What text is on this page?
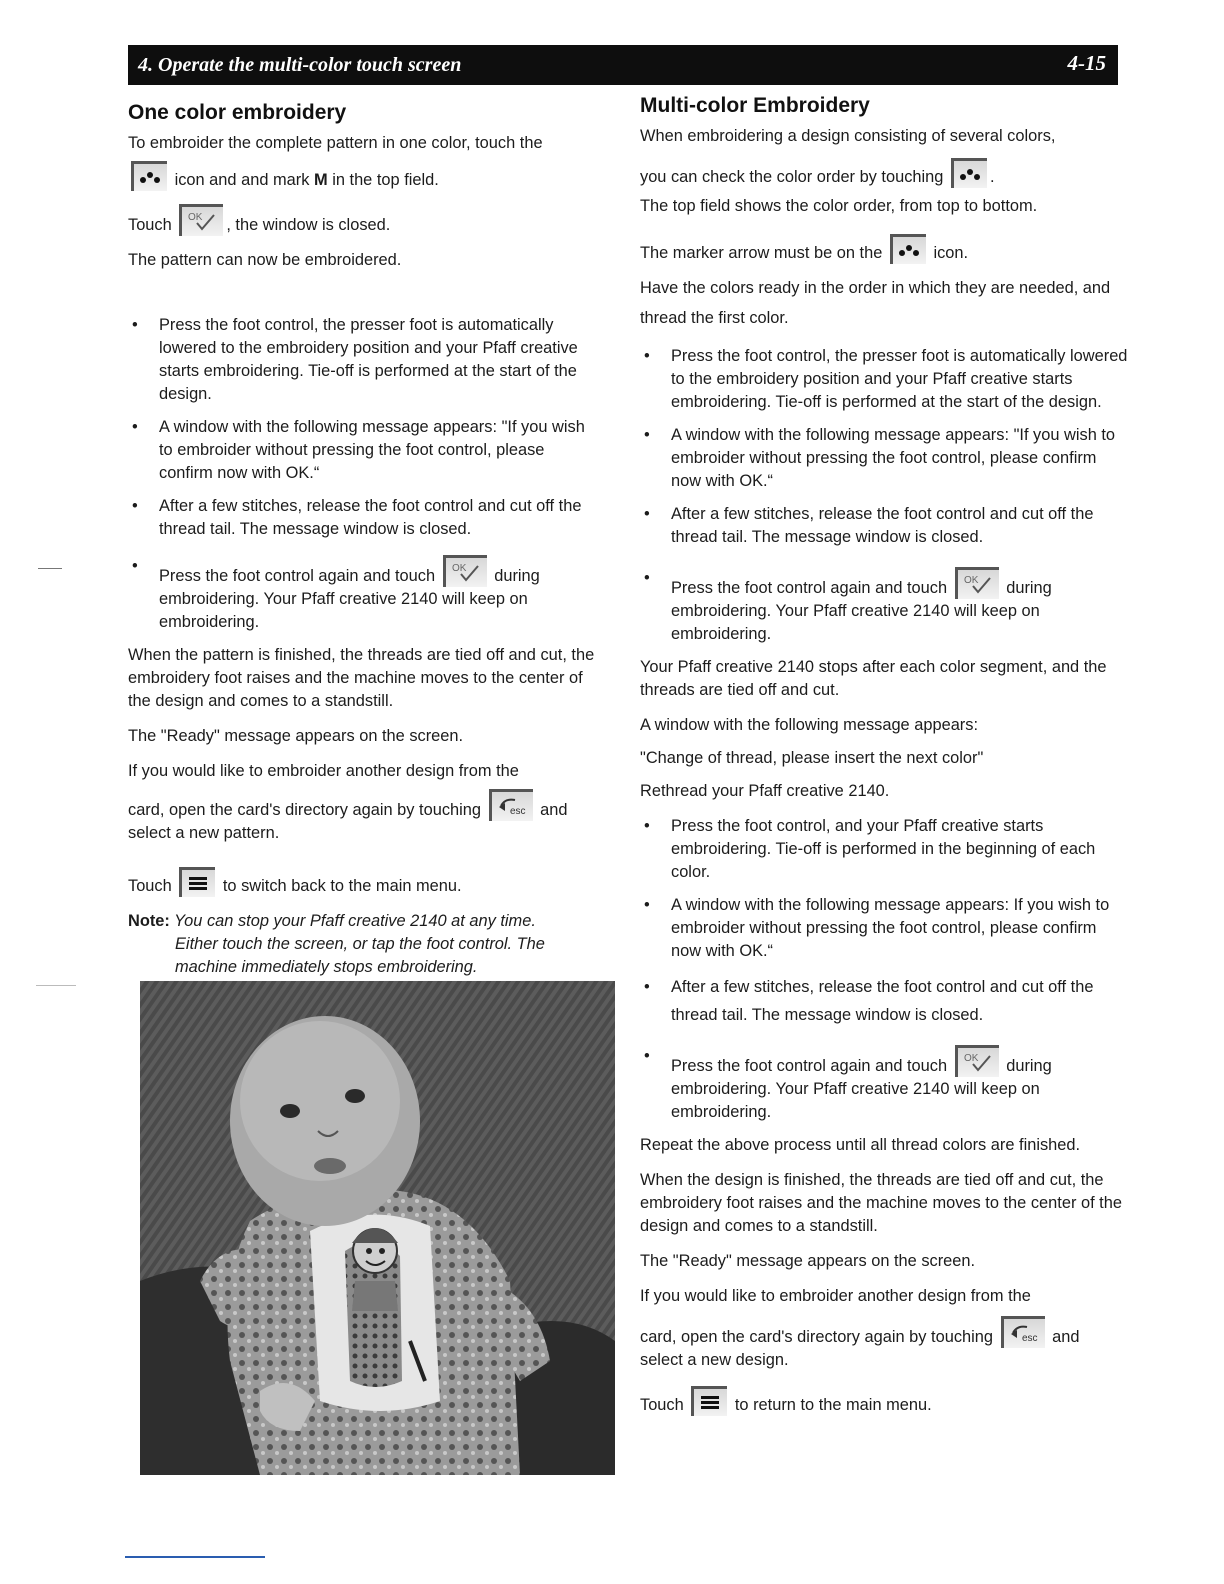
4. Operate the multi-color touch screen	4-15
One color embroidery

To embroider the complete pattern in one color, touch the

icon and and mark M in the top field.

Touch OK , the window is closed.

The pattern can now be embroidered.

• Press the foot control, the presser foot is automatically lowered to the embroidery position and your Pfaff creative starts embroidering. Tie-off is performed at the start of the design.
• A window with the following message appears: "If you wish to embroider without pressing the foot control, please confirm now with OK.“
• After a few stitches, release the foot control and cut off the thread tail. The message window is closed.
•
Press the foot control again and touch OK during embroidering. Your Pfaff creative 2140 will keep on embroidering.

When the pattern is finished, the threads are tied off and cut, the embroidery foot raises and the machine moves to the center of the design and comes to a standstill.

The "Ready" message appears on the screen.

If you would like to embroider another design from the

card, open the card's directory again by touching	esc and

select a new pattern.

Touch	to switch back to the main menu.

Note: You can stop your Pfaff creative 2140 at any time.
Either touch the screen, or tap the foot control. The
machine immediately stops embroidering.

Multi-color Embroidery

When embroidering a design consisting of several colors,

you can check the color order by touching	.

The top field shows the color order, from top to bottom.

The marker arrow must be on the	icon.

Have the colors ready in the order in which they are needed, and thread the first color.

• Press the foot control, the presser foot is automatically lowered to the embroidery position and your Pfaff creative starts embroidering. Tie-off is performed at the start of the design.
• A window with the following message appears: "If you wish to embroider without pressing the foot control, please confirm now with OK.“
• After a few stitches, release the foot control and cut off the thread tail. The message window is closed.
•
Press the foot control again and touch OK during embroidering. Your Pfaff creative 2140 will keep on embroidering.

Your Pfaff creative 2140 stops after each color segment, and the threads are tied off and cut.

A window with the following message appears:

"Change of thread, please insert the next color"

Rethread your Pfaff creative 2140.

• Press the foot control, and your Pfaff creative starts embroidering. Tie-off is performed in the beginning of each color.
• A window with the following message appears: If you wish to embroider without pressing the foot control, please confirm now with OK.“
• After a few stitches, release the foot control and cut off the thread tail. The message window is closed.
•
Press the foot control again and touch OK during embroidering. Your Pfaff creative 2140 will keep on embroidering.

Repeat the above process until all thread colors are finished.

When the design is finished, the threads are tied off and cut, the embroidery foot raises and the machine moves to the center of the design and comes to a standstill.

The "Ready" message appears on the screen.

If you would like to embroider another design from the

card, open the card's directory again by touching	esc and

select a new design.

Touch	to return to the main menu.
